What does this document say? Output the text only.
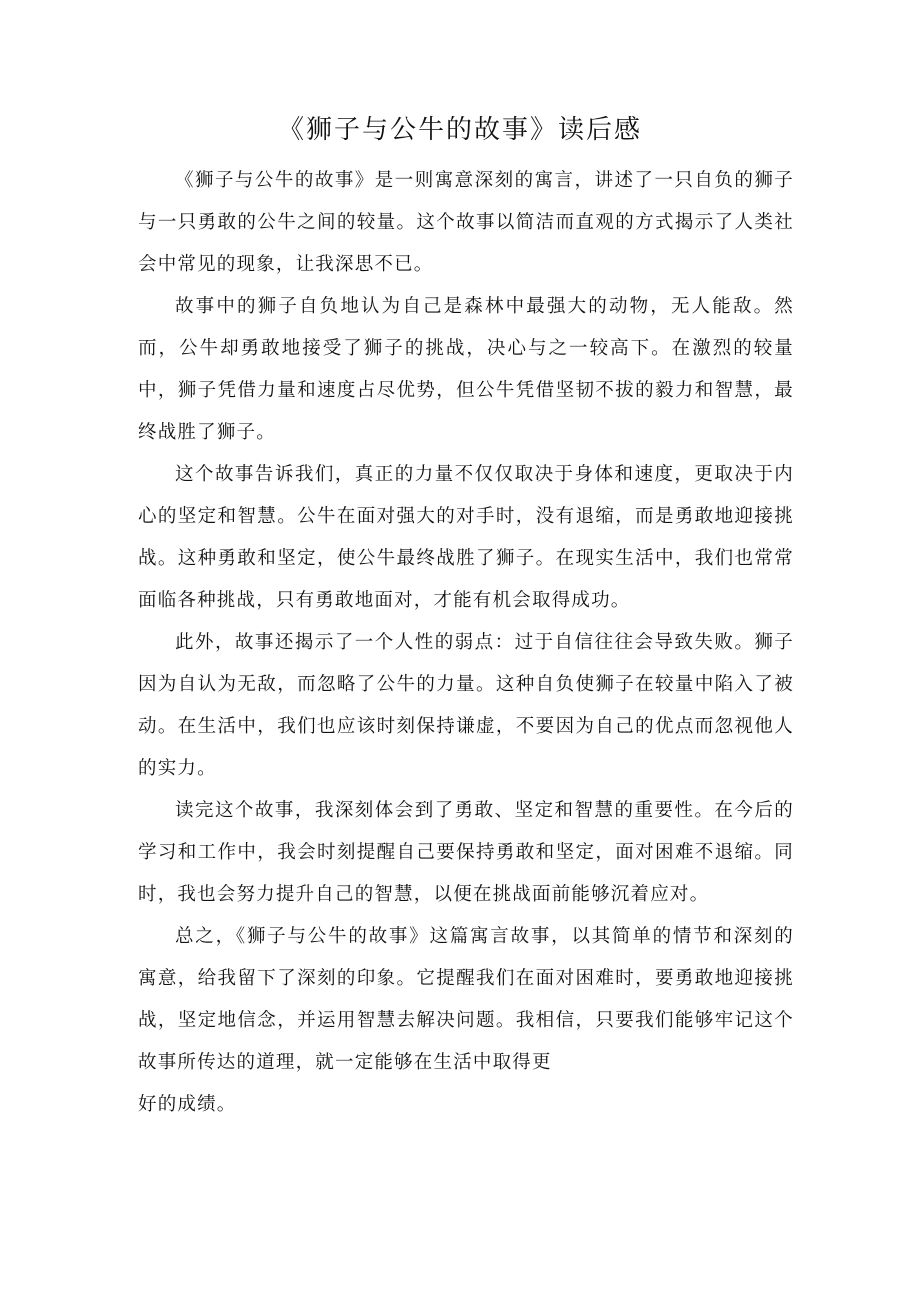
《狮子与公牛的故事》读后感

《狮子与公牛的故事》是一则寓意深刻的寓言，讲述了一只自负的狮子与一只勇敢的公牛之间的较量。这个故事以简洁而直观的方式揭示了人类社会中常见的现象，让我深思不已。

故事中的狮子自负地认为自己是森林中最强大的动物，无人能敌。然而，公牛却勇敢地接受了狮子的挑战，决心与之一较高下。在激烈的较量中，狮子凭借力量和速度占尽优势，但公牛凭借坚韧不拔的毅力和智慧，最终战胜了狮子。

这个故事告诉我们，真正的力量不仅仅取决于身体和速度，更取决于内心的坚定和智慧。公牛在面对强大的对手时，没有退缩，而是勇敢地迎接挑战。这种勇敢和坚定，使公牛最终战胜了狮子。在现实生活中，我们也常常面临各种挑战，只有勇敢地面对，才能有机会取得成功。

此外，故事还揭示了一个人性的弱点：过于自信往往会导致失败。狮子因为自认为无敌，而忽略了公牛的力量。这种自负使狮子在较量中陷入了被动。在生活中，我们也应该时刻保持谦虚，不要因为自己的优点而忽视他人的实力。

读完这个故事，我深刻体会到了勇敢、坚定和智慧的重要性。在今后的学习和工作中，我会时刻提醒自己要保持勇敢和坚定，面对困难不退缩。同时，我也会努力提升自己的智慧，以便在挑战面前能够沉着应对。

总之，《狮子与公牛的故事》这篇寓言故事，以其简单的情节和深刻的寓意，给我留下了深刻的印象。它提醒我们在面对困难时，要勇敢地迎接挑战，坚定地信念，并运用智慧去解决问题。我相信，只要我们能够牢记这个故事所传达的道理，就一定能够在生活中取得更

好的成绩。
